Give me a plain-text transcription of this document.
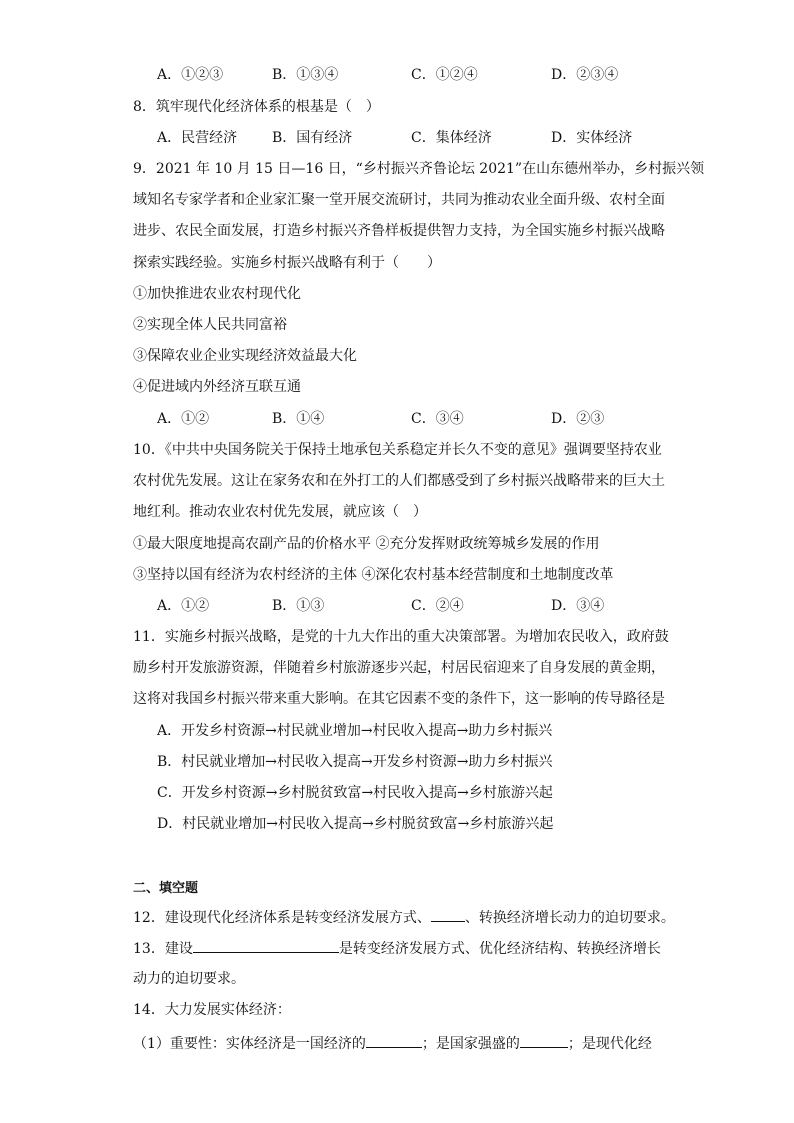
A．①②③	B．①③④	C．①②④	D．②③④
8．筑牢现代化经济体系的根基是（　）
A．民营经济 B．国有经济	C．集体经济	D．实体经济
9．2021 年 10 月 15 日—16 日，“乡村振兴齐鲁论坛 2021”在山东德州举办，乡村振兴领
域知名专家学者和企业家汇聚一堂开展交流研讨，共同为推动农业全面升级、农村全面
进步、农民全面发展，打造乡村振兴齐鲁样板提供智力支持，为全国实施乡村振兴战略
探索实践经验。实施乡村振兴战略有利于（　　）
①加快推进农业农村现代化
②实现全体人民共同富裕
③保障农业企业实现经济效益最大化
④促进域内外经济互联互通
A．①②	B．①④	C．③④	D．②③
10．《中共中央国务院关于保持土地承包关系稳定并长久不变的意见》强调要坚持农业
农村优先发展。这让在家务农和在外打工的人们都感受到了乡村振兴战略带来的巨大土
地红利。推动农业农村优先发展，就应该（　）
①最大限度地提高农副产品的价格水平 ②充分发挥财政统筹城乡发展的作用
③坚持以国有经济为农村经济的主体 ④深化农村基本经营制度和土地制度改革
A．①②	B．①③	C．②④	D．③④
11．实施乡村振兴战略，是党的十九大作出的重大决策部署。为增加农民收入，政府鼓
励乡村开发旅游资源，伴随着乡村旅游逐步兴起，村居民宿迎来了自身发展的黄金期，
这将对我国乡村振兴带来重大影响。在其它因素不变的条件下，这一影响的传导路径是
A．开发乡村资源→村民就业增加→村民收入提高→助力乡村振兴
B．村民就业增加→村民收入提高→开发乡村资源→助力乡村振兴
C．开发乡村资源→乡村脱贫致富→村民收入提高→乡村旅游兴起
D．村民就业增加→村民收入提高→乡村脱贫致富→乡村旅游兴起
二、填空题
12．建设现代化经济体系是转变经济发展方式、 、转换经济增长动力的迫切要求。
13．建设	是转变经济发展方式、优化经济结构、转换经济增长
动力的迫切要求。
14．大力发展实体经济：
（1）重要性：实体经济是一国经济的	；是国家强盛的	；是现代化经
